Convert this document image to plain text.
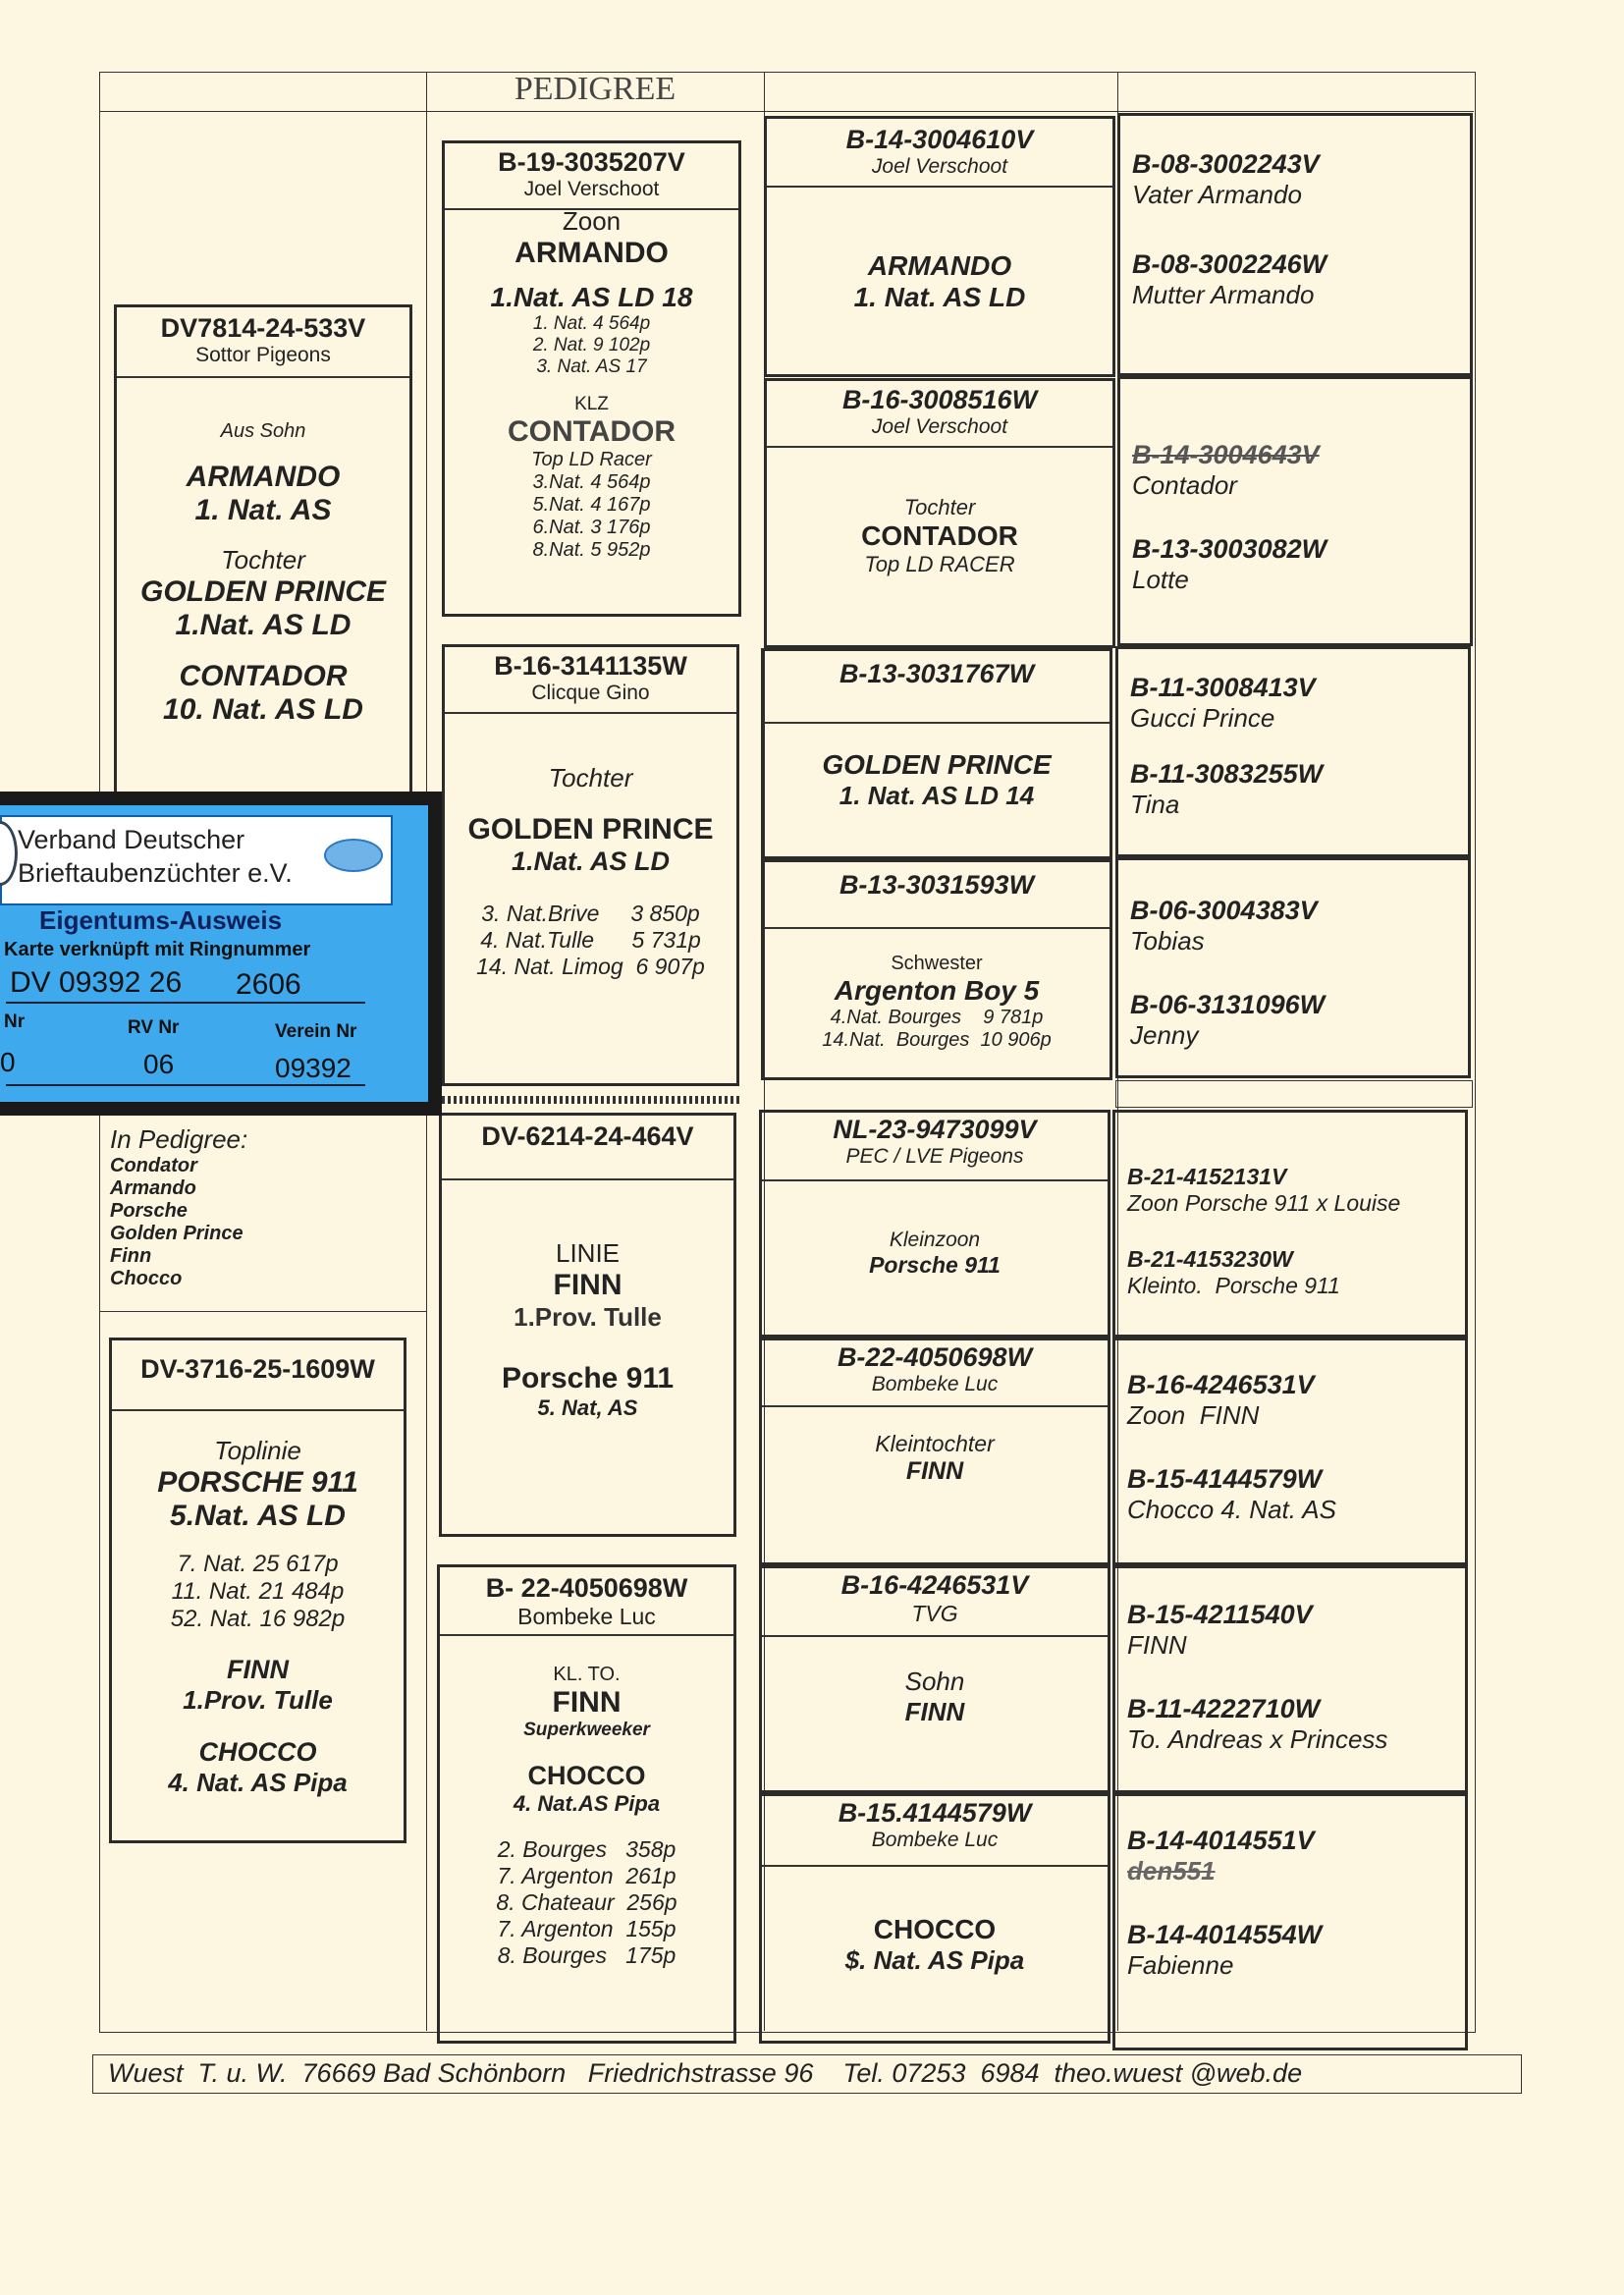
PEDIGREE
DV7814-24-533V
Sottor Pigeons
Aus Sohn
ARMANDO
1. Nat. AS
Tochter
GOLDEN PRINCE
1.Nat. AS LD
CONTADOR
10. Nat. AS LD
In Pedigree:
Condator
Armando
Porsche
Golden Prince
Finn
Chocco
DV-3716-25-1609W
Toplinie
PORSCHE 911
5.Nat. AS LD
7. Nat. 25 617p
11. Nat. 21 484p
52. Nat. 16 982p
FINN
1.Prov. Tulle
CHOCCO
4. Nat. AS Pipa
B-19-3035207V
Joel Verschoot
Zoon
ARMANDO
1.Nat. AS LD 18
1. Nat. 4 564p
2. Nat. 9 102p
3. Nat. AS 17
KLZ
CONTADOR
Top LD Racer
3.Nat. 4 564p
5.Nat. 4 167p
6.Nat. 3 176p
8.Nat. 5 952p
B-16-3141135W
Clicque Gino
Tochter
GOLDEN PRINCE
1.Nat. AS LD
3. Nat.Brive     3 850p
4. Nat.Tulle      5 731p
14. Nat. Limog  6 907p
DV-6214-24-464V
LINIE
FINN
1.Prov. Tulle
Porsche 911
5. Nat, AS
B- 22-4050698W
Bombeke Luc
KL. TO.
FINN
Superkweeker
CHOCCO
4. Nat.AS Pipa
2. Bourges   358p
7. Argenton  261p
8. Chateaur  256p
7. Argenton  155p
8. Bourges   175p
B-14-3004610V
Joel Verschoot
ARMANDO
1. Nat. AS LD
B-16-3008516W
Joel Verschoot
Tochter
CONTADOR
Top LD RACER
B-13-3031767W
GOLDEN PRINCE
1. Nat. AS LD 14
B-13-3031593W
Schwester
Argenton Boy 5
4.Nat. Bourges    9 781p
14.Nat.  Bourges  10 906p
NL-23-9473099V
PEC / LVE Pigeons
Kleinzoon
Porsche 911
B-22-4050698W
Bombeke Luc
Kleintochter
FINN
B-16-4246531V
TVG
Sohn
FINN
B-15.4144579W
Bombeke Luc
CHOCCO
$. Nat. AS Pipa
B-08-3002243V
Vater Armando
B-08-3002246W
Mutter Armando
B-14-3004643V
Contador
B-13-3003082W
Lotte
B-11-3008413V
Gucci Prince
B-11-3083255W
Tina
B-06-3004383V
Tobias
B-06-3131096W
Jenny
B-21-4152131V
Zoon Porsche 911 x Louise
B-21-4153230W
Kleinto.  Porsche 911
B-16-4246531V
Zoon  FINN
B-15-4144579W
Chocco 4. Nat. AS
B-15-4211540V
FINN
B-11-4222710W
To. Andreas x Princess
B-14-4014551V
den551
B-14-4014554W
Fabienne
Wuest  T. u. W.  76669 Bad Schönborn   Friedrichstrasse 96    Tel. 07253  6984  theo.wuest @web.de
Verband Deutscher
Brieftaubenzüchter e.V.
Eigentums-Ausweis
Karte verknüpft mit Ringnummer
DV 09392 26 2606
Nr	RV Nr	Verein Nr
0	06	09392
